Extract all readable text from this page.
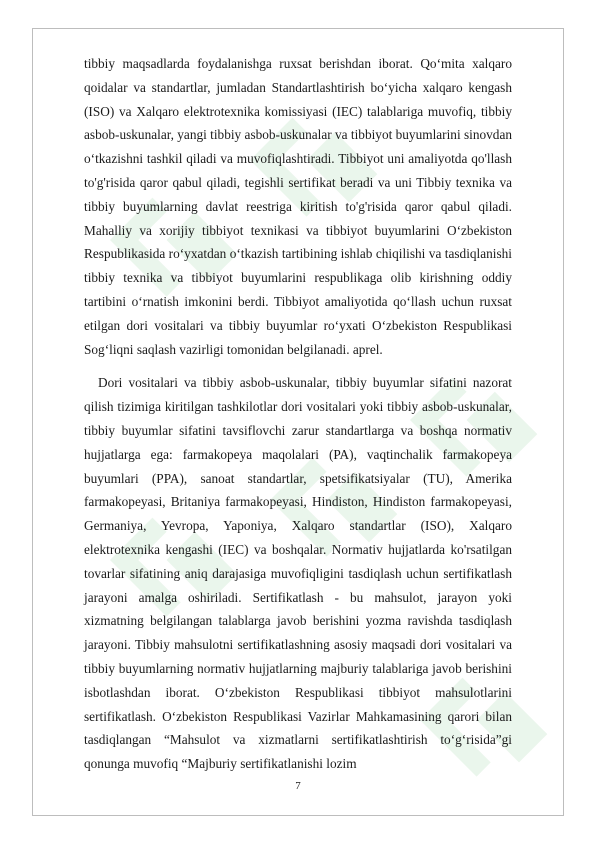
tibbiy maqsadlarda foydalanishga ruxsat berishdan iborat. Qo‘mita xalqaro qoidalar va standartlar, jumladan Standartlashtirish bo‘yicha xalqaro kengash (ISO) va Xalqaro elektrotexnika komissiyasi (IEC) talablariga muvofiq, tibbiy asbob-uskunalar, yangi tibbiy asbob-uskunalar va tibbiyot buyumlarini sinovdan o‘tkazishni tashkil qiladi va muvofiqlashtiradi. Tibbiyot uni amaliyotda qo'llash to'g'risida qaror qabul qiladi, tegishli sertifikat beradi va uni Tibbiy texnika va tibbiy buyumlarning davlat reestriga kiritish to'g'risida qaror qabul qiladi. Mahalliy va xorijiy tibbiyot texnikasi va tibbiyot buyumlarini O‘zbekiston Respublikasida ro‘yxatdan o‘tkazish tartibining ishlab chiqilishi va tasdiqlanishi tibbiy texnika va tibbiyot buyumlarini respublikaga olib kirishning oddiy tartibini o‘rnatish imkonini berdi. Tibbiyot amaliyotida qo‘llash uchun ruxsat etilgan dori vositalari va tibbiy buyumlar ro‘yxati O‘zbekiston Respublikasi Sog‘liqni saqlash vazirligi tomonidan belgilanadi. aprel.

Dori vositalari va tibbiy asbob-uskunalar, tibbiy buyumlar sifatini nazorat qilish tizimiga kiritilgan tashkilotlar dori vositalari yoki tibbiy asbob-uskunalar, tibbiy buyumlar sifatini tavsiflovchi zarur standartlarga va boshqa normativ hujjatlarga ega: farmakopeya maqolalari (PA), vaqtinchalik farmakopeya buyumlari (PPA), sanoat standartlar, spetsifikatsiyalar (TU), Amerika farmakopeyasi, Britaniya farmakopeyasi, Hindiston, Hindiston farmakopeyasi, Germaniya, Yevropa, Yaponiya, Xalqaro standartlar (ISO), Xalqaro elektrotexnika kengashi (IEC) va boshqalar. Normativ hujjatlarda ko'rsatilgan tovarlar sifatining aniq darajasiga muvofiqligini tasdiqlash uchun sertifikatlash jarayoni amalga oshiriladi. Sertifikatlash - bu mahsulot, jarayon yoki xizmatning belgilangan talablarga javob berishini yozma ravishda tasdiqlash jarayoni. Tibbiy mahsulotni sertifikatlashning asosiy maqsadi dori vositalari va tibbiy buyumlarning normativ hujjatlarning majburiy talablariga javob berishini isbotlashdan iborat. O‘zbekiston Respublikasi tibbiyot mahsulotlarini sertifikatlash. O‘zbekiston Respublikasi Vazirlar Mahkamasining qarori bilan tasdiqlangan “Mahsulot va xizmatlarni sertifikatlashtirish to‘g‘risida”gi qonunga muvofiq “Majburiy sertifikatlanishi lozim

7
